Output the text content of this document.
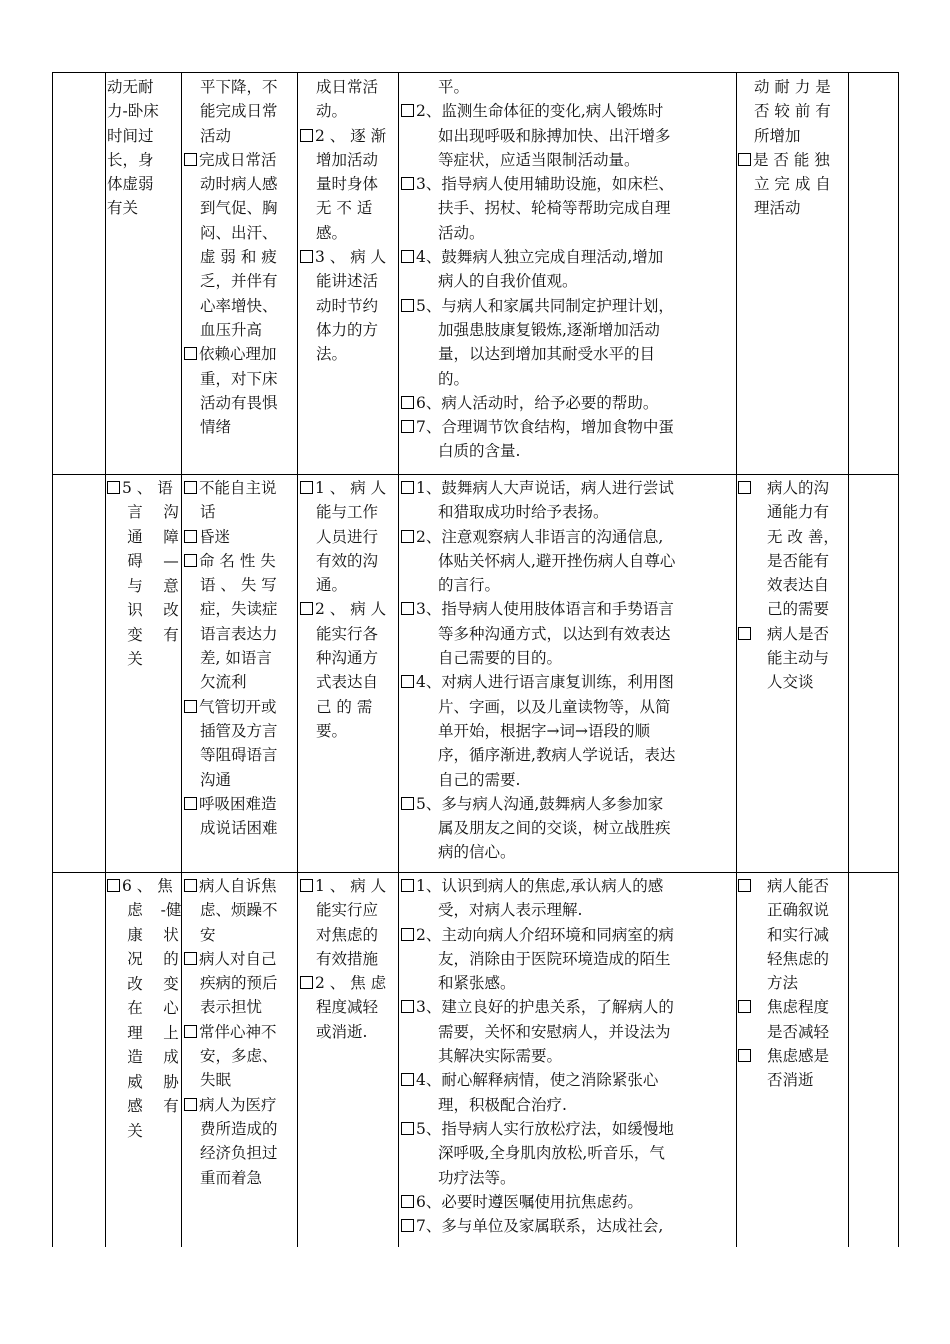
动无耐

力-卧床

时间过

长，身

体虚弱

有关

平下降，不

能完成日常

活动

完成日常活

动时病人感

到气促、胸

闷、出汗、

虚 弱 和 疲

乏，并伴有

心率增快、

血压升高

依赖心理加

重，对下床

活动有畏惧

情绪

成日常活

动。

2 、 逐 渐

增加活动

量时身体

无 不 适

感。

3 、 病 人

能讲述活

动时节约

体力的方

法。

平。

2、监测生命体征的变化,病人锻炼时

如出现呼吸和脉搏加快、出汗增多

等症状，应适当限制活动量。

3、指导病人使用辅助设施，如床栏、

扶手、拐杖、轮椅等帮助完成自理

活动。

4、鼓舞病人独立完成自理活动,增加

病人的自我价值观。

5、与病人和家属共同制定护理计划，

加强患肢康复锻炼,逐渐增加活动

量，以达到增加其耐受水平的目

的。

6、病人活动时，给予必要的帮助。

7、合理调节饮食结构，增加食物中蛋

白质的含量.

动 耐 力 是

否 较 前 有

所增加

是 否 能 独

立 完 成 自

理活动

5 、 语

言
通
碍
与
识
变
关
沟
障
—
意
改
有

不能自主说

话

昏迷

命 名 性 失

语 、 失 写

症，失读症

语言表达力

差, 如语言

欠流利

气管切开或

插管及方言

等阻碍语言

沟通

呼吸困难造

成说话困难

1 、 病 人

能与工作

人员进行

有效的沟

通。

2 、 病 人

能实行各

种沟通方

式表达自

己 的 需

要。

1、鼓舞病人大声说话，病人进行尝试

和猎取成功时给予表扬。

2、注意观察病人非语言的沟通信息,

体贴关怀病人,避开挫伤病人自尊心

的言行。

3、指导病人使用肢体语言和手势语言

等多种沟通方式，以达到有效表达

自己需要的目的。

4、对病人进行语言康复训练，利用图

片、字画，以及儿童读物等，从简

单开始，根据字→词→语段的顺

序，循序渐进,教病人学说话，表达

自己的需要.

5、多与病人沟通,鼓舞病人多参加家

属及朋友之间的交谈，树立战胜疾

病的信心。

病人的沟

通能力有

无 改 善，

是否能有

效表达自

己的需要

病人是否

能主动与

人交谈

6 、 焦

虑
康
况
改
在
理
造
威
感
关
-健
状
的
变
心
上
成
胁
有

病人自诉焦

虑、烦躁不

安

病人对自己

疾病的预后

表示担忧

常伴心神不

安，多虑、

失眠

病人为医疗

费所造成的

经济负担过

重而着急

1 、 病 人

能实行应

对焦虑的

有效措施

2 、 焦 虑

程度减轻

或消逝.

1、认识到病人的焦虑,承认病人的感

受，对病人表示理解.

2、主动向病人介绍环境和同病室的病

友，消除由于医院环境造成的陌生

和紧张感。

3、建立良好的护患关系，了解病人的

需要，关怀和安慰病人，并设法为

其解决实际需要。

4、耐心解释病情，使之消除紧张心

理，积极配合治疗.

5、指导病人实行放松疗法，如缓慢地

深呼吸,全身肌肉放松,听音乐，气

功疗法等。

6、必要时遵医嘱使用抗焦虑药。

7、多与单位及家属联系，达成社会,

病人能否

正确叙说

和实行减

轻焦虑的

方法

焦虑程度

是否减轻

焦虑感是

否消逝
